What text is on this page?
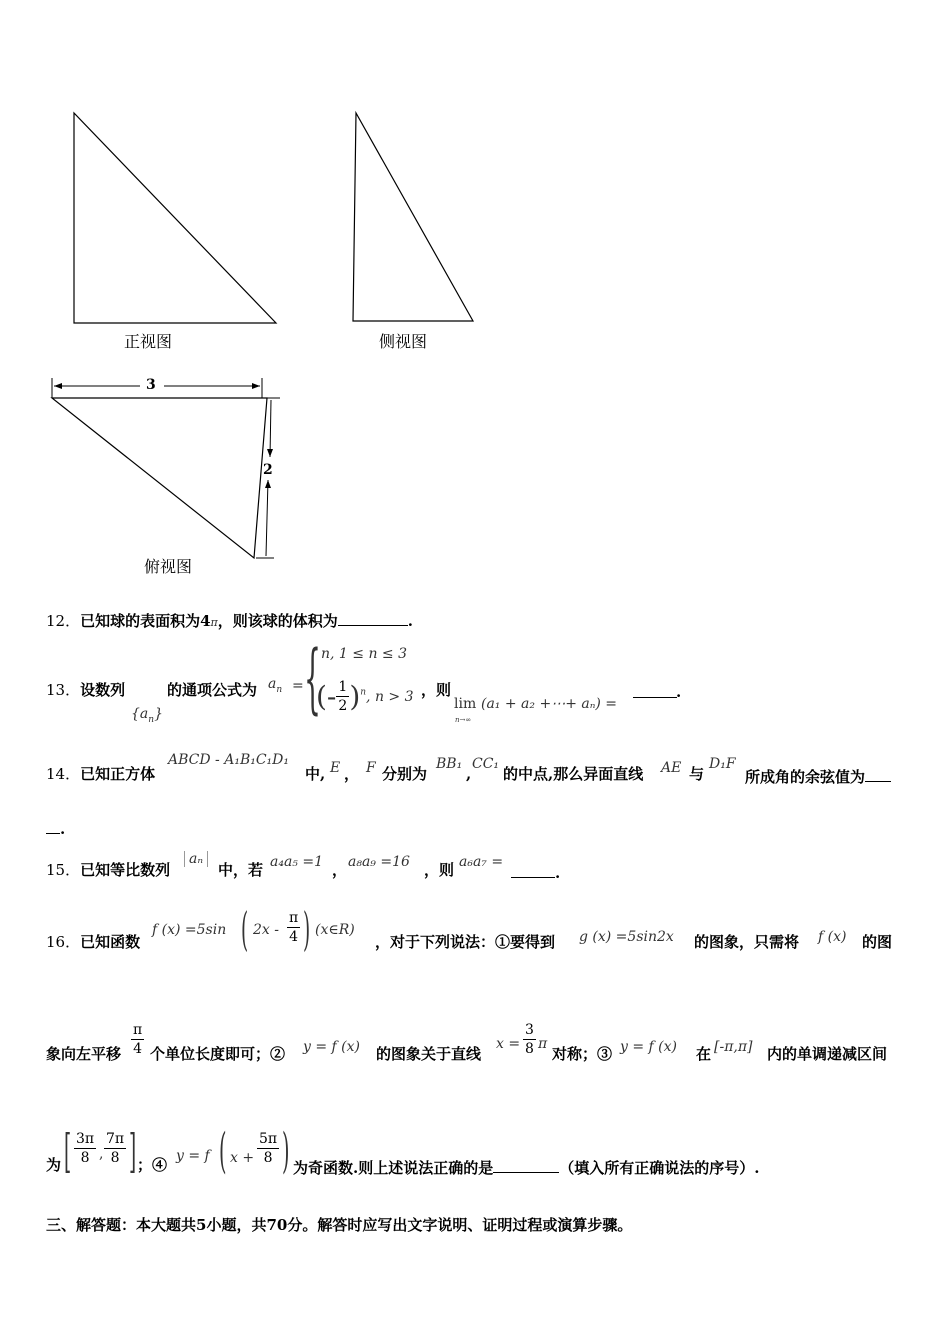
正视图	侧视图
俯视图
3
2
12．已知球的表面积为4π，则该球的体积为	.
13．设数列
$\{a_n\}$
的通项公式为 $a_n$ = { n, 1 ≤ n ≤ 3
(- $\frac{1}{2} )^n$, n > 3 ，则
lim
n→∞
(a₁ + a₂ +⋯+ aₙ) =
.
14．已知正方体
ABCD - A₁B₁C₁D₁
中, E ， F 分别为
BB₁
,
CC₁
的中点,那么异面直线 AE 与
D₁F
所成角的余弦值为
.
15．已知等比数列
aₙ
中，若 a₄a₅ =1 ， a₈a₉ =16 ，则 a₆a₇ =
.
16．已知函数
f (x) =5sin ( $2x - \frac{\pi}{4}$ ) (x∈R)
，对于下列说法：①要得到 g (x) =5sin2x 的图象，只需将 f (x) 的图
象向左平移 $\frac{\pi}{4}$ 个单位长度即可；② y = f (x) 的图象关于直线
$x = \frac{3}{8}$ π
对称；③ y = f (x) 在 [-π,π] 内的单调递减区间
为 [ $\frac{3\pi}{8}$ , $\frac{7\pi}{8}$ ] ；④ y = f ( $x + \frac{5\pi}{8}$ ) 为奇函数.则上述说法正确的是	（填入所有正确说法的序号）.
三、解答题：本大题共5小题，共70分。解答时应写出文字说明、证明过程或演算步骤。
